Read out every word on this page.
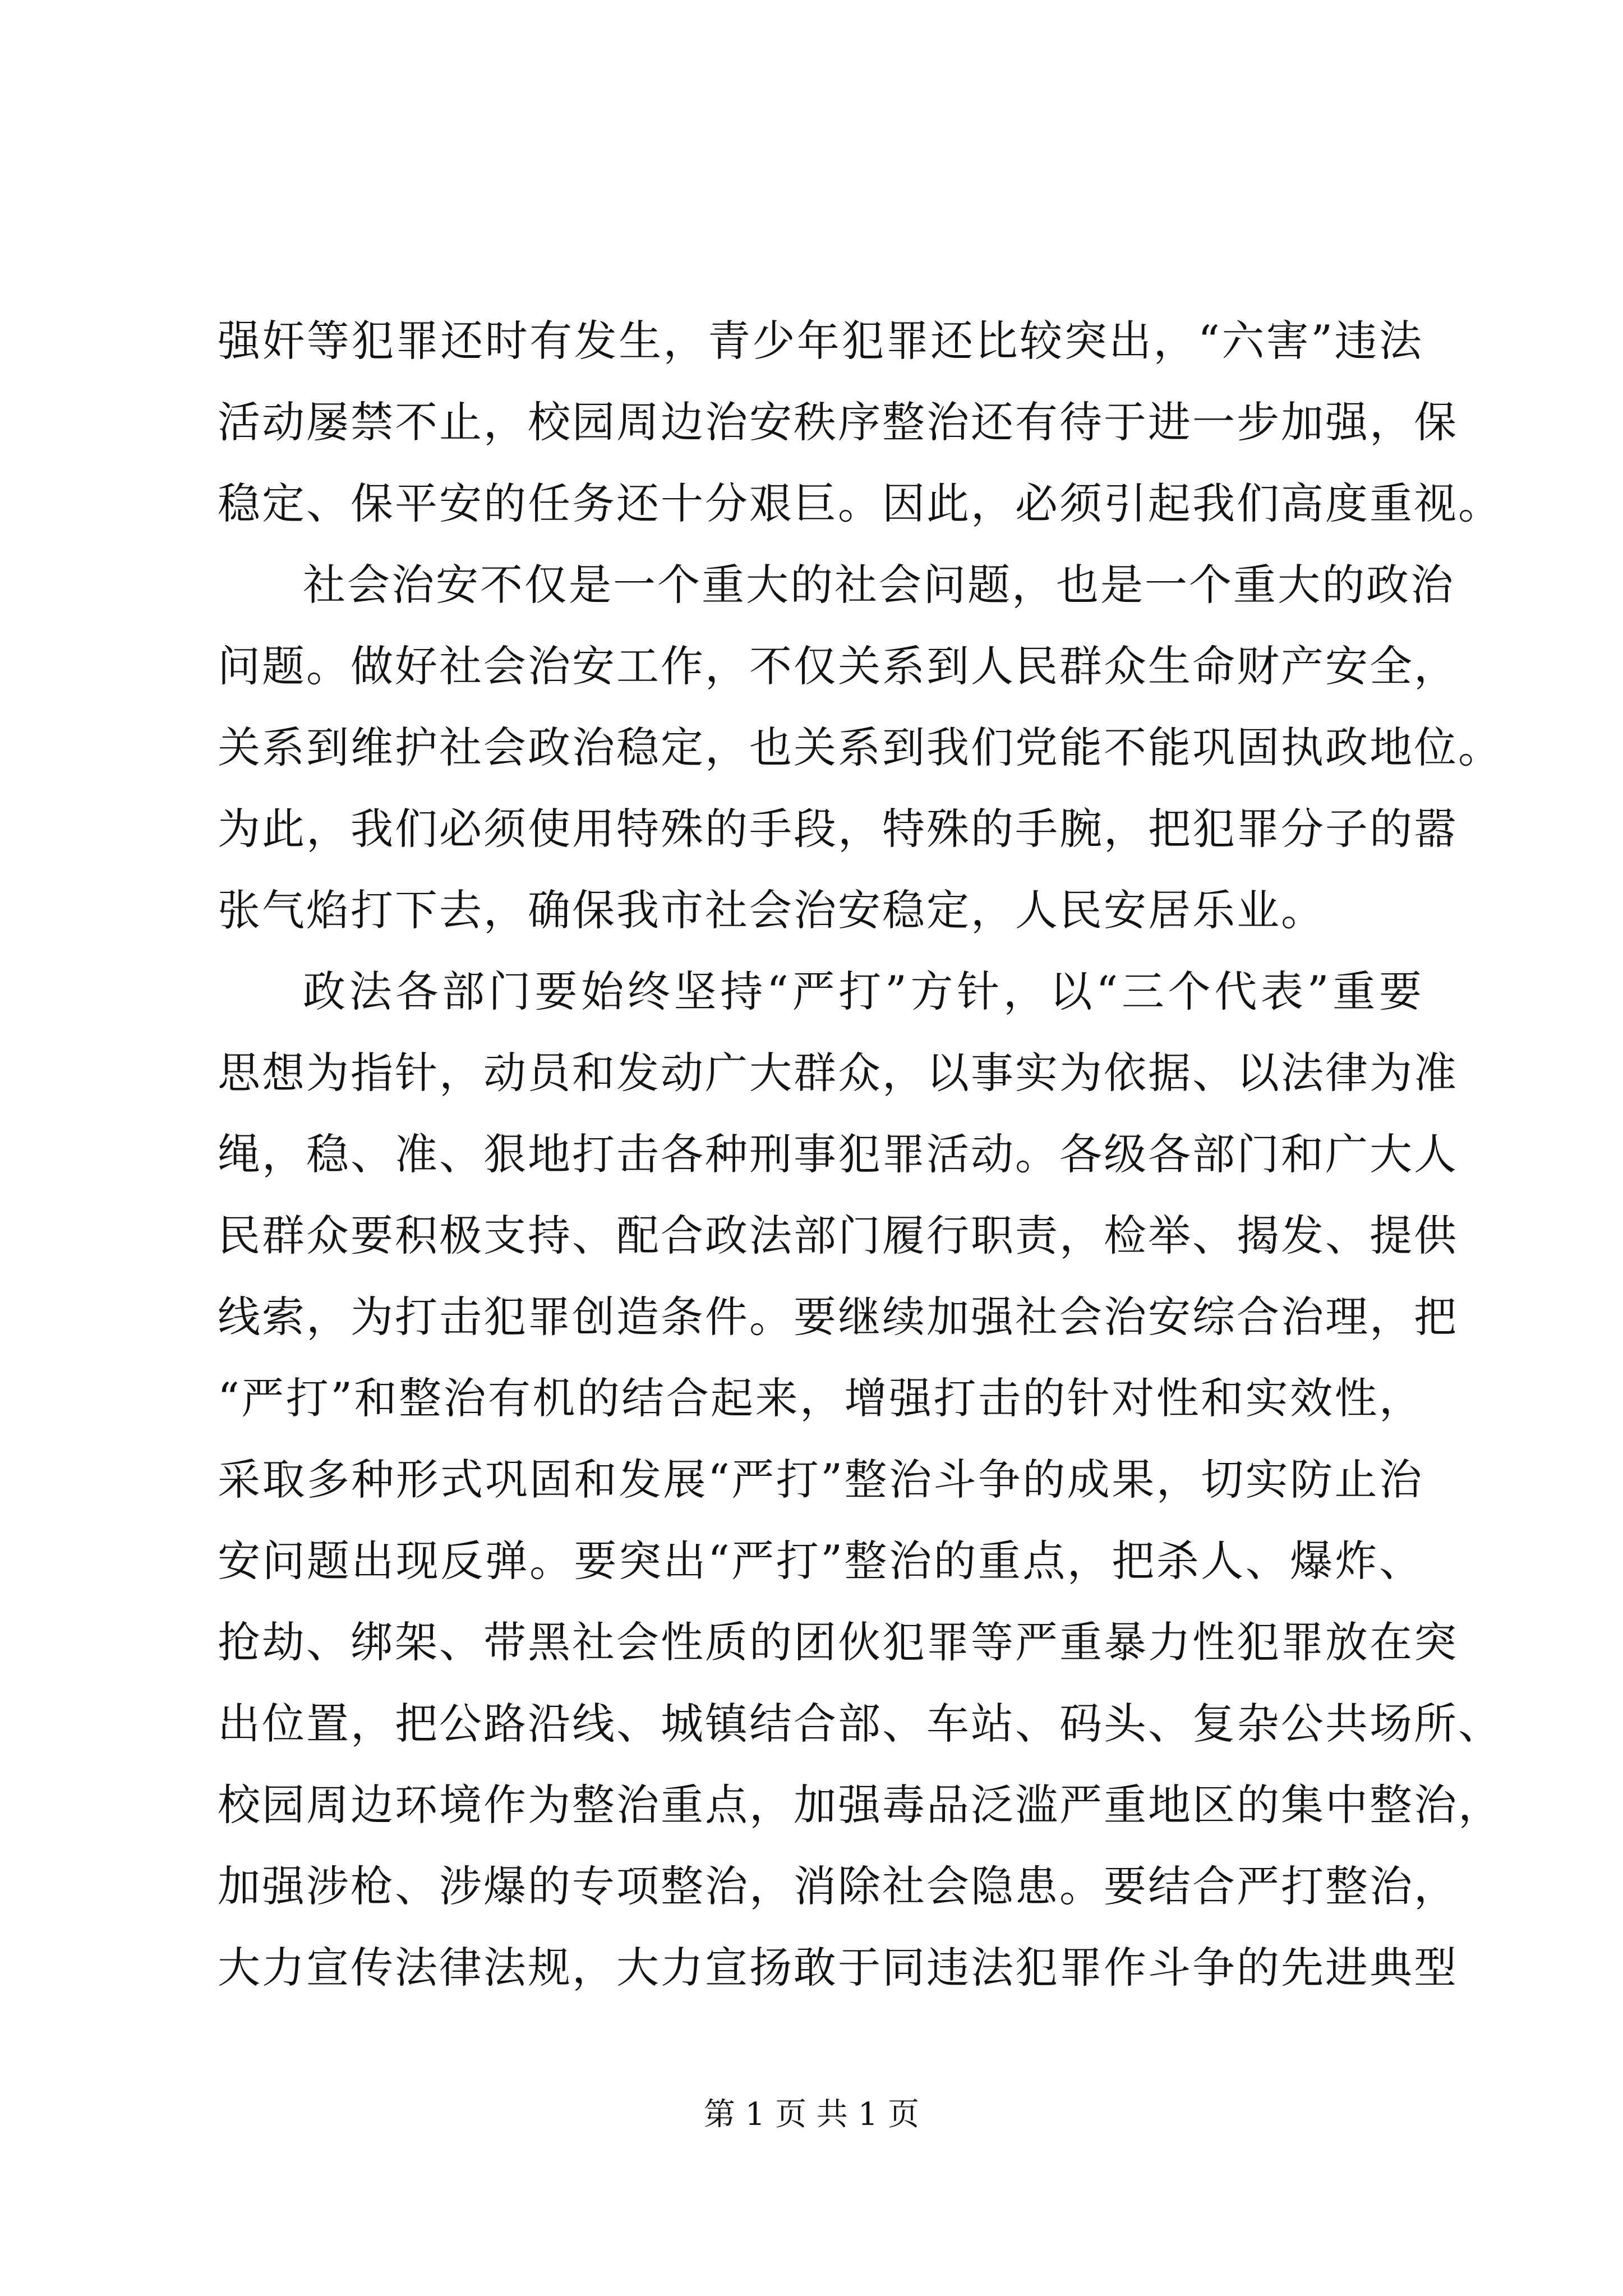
强奸等犯罪还时有发生，青少年犯罪还比较突出，“六害”违法
活动屡禁不止，校园周边治安秩序整治还有待于进一步加强，保
稳定、保平安的任务还十分艰巨。因此，必须引起我们高度重视。
社会治安不仅是一个重大的社会问题，也是一个重大的政治
问题。做好社会治安工作，不仅关系到人民群众生命财产安全，
关系到维护社会政治稳定，也关系到我们党能不能巩固执政地位。
为此，我们必须使用特殊的手段，特殊的手腕，把犯罪分子的嚣
张气焰打下去，确保我市社会治安稳定，人民安居乐业。
政法各部门要始终坚持“严打”方针，以“三个代表”重要
思想为指针，动员和发动广大群众，以事实为依据、以法律为准
绳，稳、准、狠地打击各种刑事犯罪活动。各级各部门和广大人
民群众要积极支持、配合政法部门履行职责，检举、揭发、提供
线索，为打击犯罪创造条件。要继续加强社会治安综合治理，把
“严打”和整治有机的结合起来，增强打击的针对性和实效性，
采取多种形式巩固和发展“严打”整治斗争的成果，切实防止治
安问题出现反弹。要突出“严打”整治的重点，把杀人、爆炸、
抢劫、绑架、带黑社会性质的团伙犯罪等严重暴力性犯罪放在突
出位置，把公路沿线、城镇结合部、车站、码头、复杂公共场所、
校园周边环境作为整治重点，加强毒品泛滥严重地区的集中整治，
加强涉枪、涉爆的专项整治，消除社会隐患。要结合严打整治，
大力宣传法律法规，大力宣扬敢于同违法犯罪作斗争的先进典型
第 1 页 共 1 页
